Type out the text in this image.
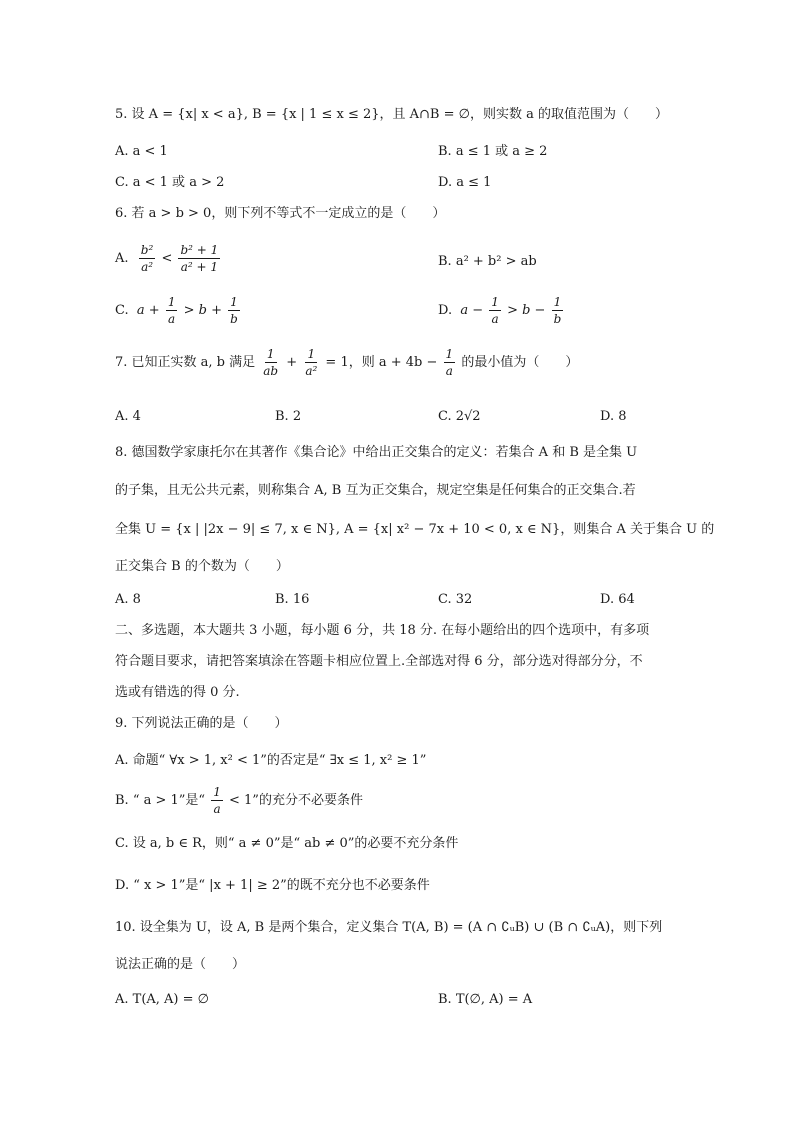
5. 设 A = {x| x < a}, B = {x | 1 ≤ x ≤ 2}，且 A∩B = ∅，则实数 a 的取值范围为（　　）
A. a < 1	B. a ≤ 1 或 a ≥ 2
C. a < 1 或 a > 2	D. a ≤ 1
6. 若 a > b > 0，则下列不等式不一定成立的是（　　）
A. $\frac{\text{b²}}{\text{a²}} < \frac{\text{b² + 1}}{\text{a² + 1}}$	B. a² + b² > ab
C. $a + \frac{1}{a} > b + \frac{1}{b}$	D. $a - \frac{1}{a} > b - \frac{1}{b}$
7. 已知正实数 a, b 满足 $\frac{1}{ab} + \frac{1}{\text{a²}} = 1$，则 $a + 4b - \frac{1}{a}$ 的最小值为（　　）
A. 4	B. 2	C. 2√2	D. 8
8. 德国数学家康托尔在其著作《集合论》中给出正交集合的定义：若集合 A 和 B 是全集 U
的子集，且无公共元素，则称集合 A, B 互为正交集合，规定空集是任何集合的正交集合.若
全集 U = {x | |2x − 9| ≤ 7, x ∈ N}, A = {x| x² − 7x + 10 < 0, x ∈ N}，则集合 A 关于集合 U 的
正交集合 B 的个数为（　　）
A. 8	B. 16	C. 32	D. 64
二、多选题，本大题共 3 小题，每小题 6 分，共 18 分. 在每小题给出的四个选项中，有多项
符合题目要求，请把答案填涂在答题卡相应位置上.全部选对得 6 分，部分选对得部分分，不
选或有错选的得 0 分.
9. 下列说法正确的是（　　）
A. 命题“ ∀x > 1, x² < 1”的否定是“ ∃x ≤ 1, x² ≥ 1”
B. “ a > 1”是“ $\frac{1}{a} < 1$”的充分不必要条件
C. 设 a, b ∈ R，则“ a ≠ 0”是“ ab ≠ 0”的必要不充分条件
D. “ x > 1”是“ |x + 1| ≥ 2”的既不充分也不必要条件
10. 设全集为 U，设 A, B 是两个集合，定义集合 T(A, B) = (A ∩ ∁ᵤB) ∪ (B ∩ ∁ᵤA)，则下列
说法正确的是（　　）
A. T(A, A) = ∅	B. T(∅, A) = A
